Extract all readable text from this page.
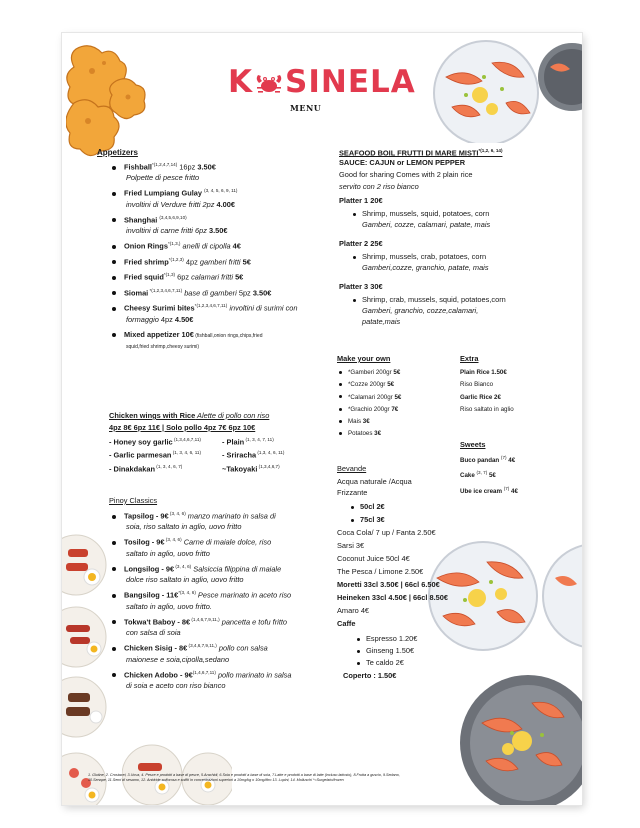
K SINELA
MENU
Appetizers
Fishball$^{*(1,2,4,7,14)}$ 16pz 3.50€
Polpette di pesce fritto
Fried Lumpiang Gulay $^{(3, 4, 5, 6, 9, 11)}$
involtini di Verdure fritti 2pz 4.00€
Shanghai $^{(3,4,5,6,9,10)}$
involtini di carne fritti 6pz 3.50€
Onion Rings$^{*(1,3,)}$ anelli di cipolla 4€
Fried shrimp$^{*(1,2,3)}$ 4pz gamberi fritti 5€
Fried squid$^{*(1,3)}$ 6pz calamari fritti 5€
Siomai $^{*(1,2,3,4,6,7,11)}$ base di gamberi 5pz 3.50€
Cheesy Surimi bites$^{*(1,2,3,4,6,7,11)}$ involtini di surimi con
formaggio 4pz 4.50€
Mixed appetizer 10€ (fishball,onion rings,chips,fried
squid,fried shrimp,cheesy surimi)
Chicken wings with Rice Alette di pollo con riso
4pz 8€ 6pz 11€ | Solo pollo 4pz 7€ 6pz 10€
- Honey soy garlic $^{(1,3,4,6,7,11)}$
- Garlic parmesan $^{(1, 3, 4, 6, 11)}$
- Dinakdakan $^{(1, 3, 4, 6, 7)}$
- Plain $^{(1, 3, 4, 7, 11)}$
- Sriracha $^{(1,3, 4, 6, 11)}$
~Takoyaki $^{(1,3,4,6,7)}$
Pinoy Classics
Tapsilog - 9€ $^{(3, 4, 6)}$ manzo marinato in salsa di
soia, riso saltato in aglio, uovo fritto
Tosilog - 9€ $^{(3, 4, 6)}$ Carne di maiale dolce, riso
saltato in aglio, uovo fritto
Longsilog - 9€ $^{(3, 4, 6)}$ Salsiccia filippina di maiale
dolce riso saltato in aglio, uovo fritto
Bangsilog - 11€$^{*(3, 4, 6)}$ Pesce marinato in aceto riso
saltato in aglio, uovo fritto.
Tokwa't Baboy - 8€ $^{(1,4,6,7,9,11,)}$ pancetta e tofu fritto
con salsa di soia
Chicken Sisig - 8€ $^{(3,4,6,7,9,11,)}$ pollo con salsa
maionese e soia,cipolla,sedano
Chicken Adobo - 9€$^{(1,4,6,7,11)}$ pollo marinato in salsa
di soia e aceto con riso bianco
SEAFOOD BOIL FRUTTI DI MARE MISTI$^{*(1,2, 6, 14)}$
SAUCE: CAJUN or LEMON PEPPER
Good for sharing Comes with 2 plain rice
servito con 2 riso bianco
Platter 1 20€
Shrimp, mussels, squid, potatoes, corn
Gamberi, cozze, calamari, patate, mais
Platter 2 25€
Shrimp, mussels, crab, potatoes, corn
Gamberi,cozze, granchio, patate, mais
Platter 3 30€
Shrimp, crab, mussels, squid, potatoes,corn
Gamberi, granchio, cozze,calamari,
patate,mais
Make your own
*Gamberi 200gr 5€
*Cozze 200gr 5€
*Calamari 200gr 5€
*Grachio 200gr 7€
Mais 3€
Potatoes 3€
Extra
Plain Rice 1.50€
Riso Bianco
Garlic Rice 2€
Riso saltato in aglio
Sweets
Buco pandan $^{(7)}$ 4€
Cake $^{(3, 7)}$ 5€
Ube ice cream $^{(7)}$ 4€
Bevande
Acqua naturale /Acqua
Frizzante
50cl 2€
75cl 3€
Coca Cola/ 7 up / Fanta 2.50€
Sarsi 3€
Coconut Juice 50cl 4€
The Pesca / Limone 2.50€
Moretti 33cl 3.50€ | 66cl 6.50€
Heineken 33cl 4.50€ | 66cl 8.50€
Amaro 4€
Caffe
Espresso 1.20€
Ginseng 1.50€
Te caldo 2€
Coperto : 1.50€
1. Glutine, 2. Crostacei, 3.Uova, 4. Pesce e prodotti a base di pesce, 5.Arachidi, 6.Soia e prodotti a base di soia, 7.Latte e prodotti a base di latte (incluso lattosio), 8.Frutta a guscio, 9.Sedano,
10.Senape, 11.Semi di sesamo, 12. Anidride solforosa e solfiti in concentrazioni superiori a 10mg/kg o 10mg/litro 13. Lupini, 14. Molluschi *=Surgelato/frozen
